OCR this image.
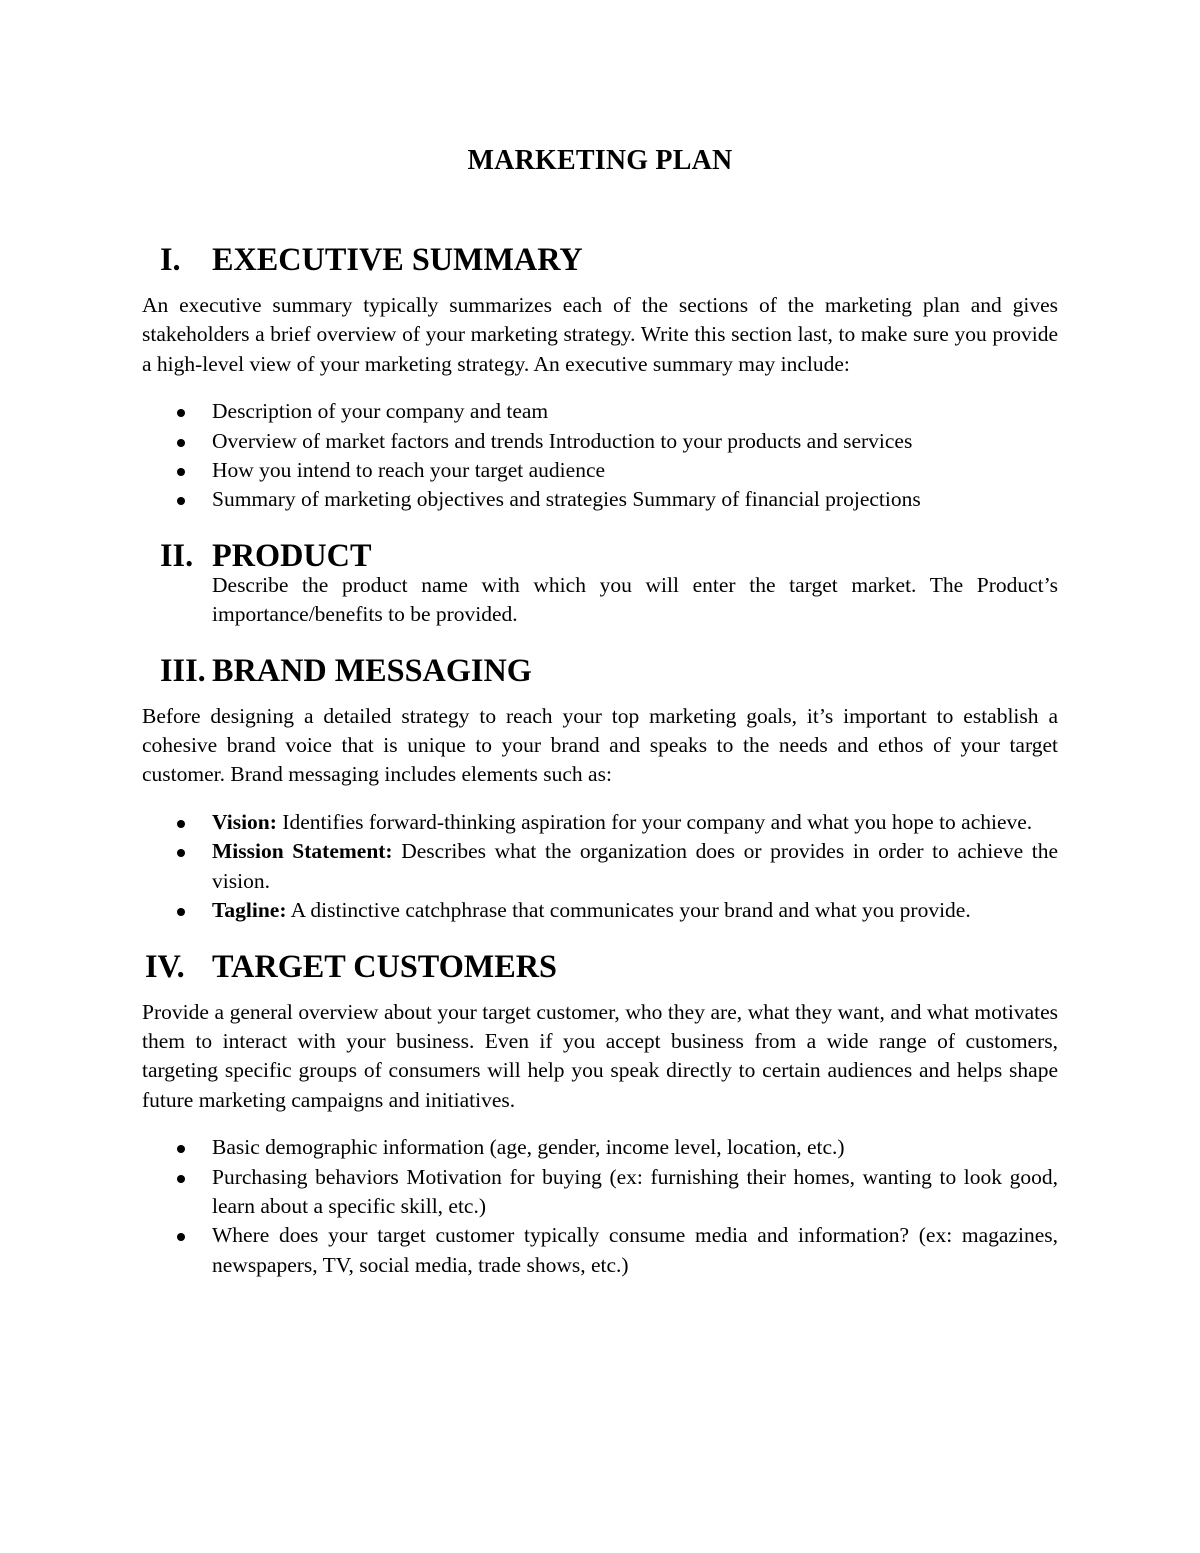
MARKETING PLAN
I. EXECUTIVE SUMMARY

An executive summary typically summarizes each of the sections of the marketing plan and gives stakeholders a brief overview of your marketing strategy. Write this section last, to make sure you provide a high-level view of your marketing strategy. An executive summary may include:

Description of your company and team
Overview of market factors and trends Introduction to your products and services
How you intend to reach your target audience
Summary of marketing objectives and strategies Summary of financial projections
II. PRODUCT

Describe the product name with which you will enter the target market. The Product’s importance/benefits to be provided.

III. BRAND MESSAGING

Before designing a detailed strategy to reach your top marketing goals, it’s important to establish a cohesive brand voice that is unique to your brand and speaks to the needs and ethos of your target customer. Brand messaging includes elements such as:

Vision: Identifies forward-thinking aspiration for your company and what you hope to achieve.
Mission Statement: Describes what the organization does or provides in order to achieve the vision.
Tagline: A distinctive catchphrase that communicates your brand and what you provide.
IV. TARGET CUSTOMERS

Provide a general overview about your target customer, who they are, what they want, and what motivates them to interact with your business. Even if you accept business from a wide range of customers, targeting specific groups of consumers will help you speak directly to certain audiences and helps shape future marketing campaigns and initiatives.

Basic demographic information (age, gender, income level, location, etc.)
Purchasing behaviors Motivation for buying (ex: furnishing their homes, wanting to look good, learn about a specific skill, etc.)
Where does your target customer typically consume media and information? (ex: magazines, newspapers, TV, social media, trade shows, etc.)
